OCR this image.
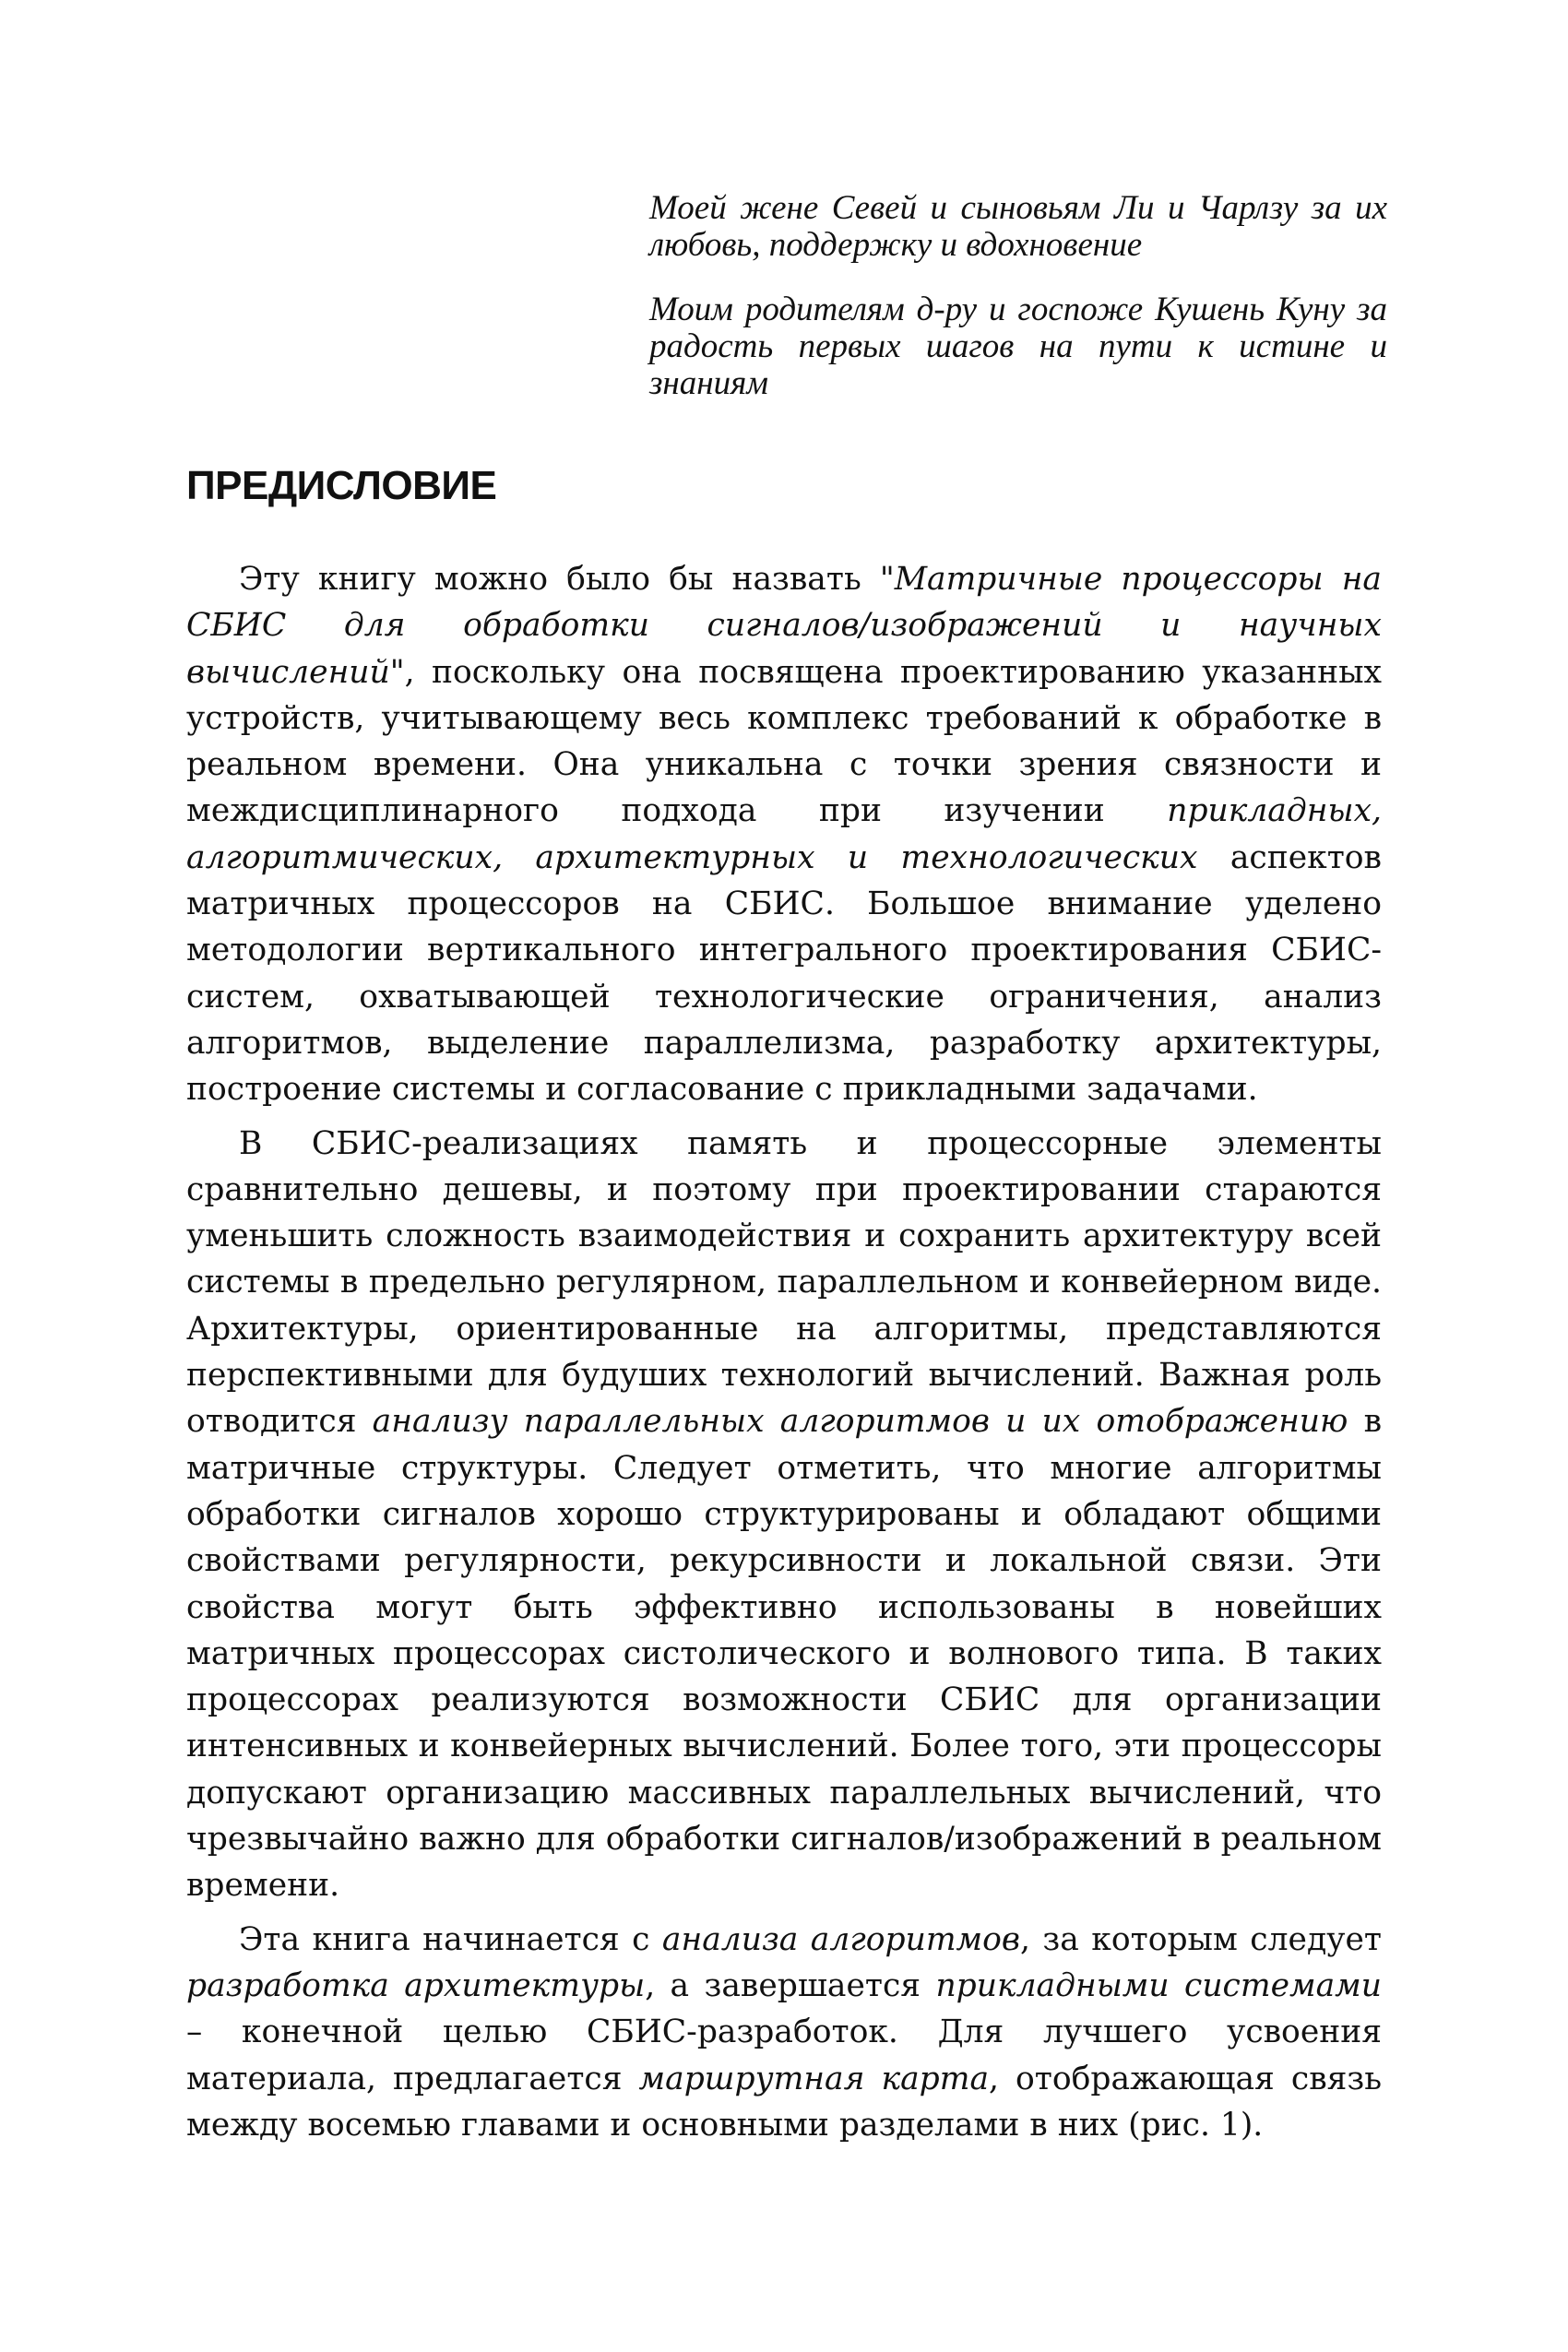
Моей жене Севей и сыновьям Ли и Чарлзу за их любовь, поддержку и вдохновение

Моим родителям д-ру и госпоже Кушень Куну за радость первых шагов на пути к истине и знаниям

ПРЕДИСЛОВИЕ

Эту книгу можно было бы назвать "Матричные процессоры на СБИС для обработки сигналов/изображений и научных вычислений", поскольку она посвящена проектированию указанных устройств, учитывающему весь комплекс требований к обработке в реальном времени. Она уникальна с точки зрения связности и междисциплинарного подхода при изучении прикладных, алгоритмических, архитектурных и технологических аспектов матричных процессоров на СБИС. Большое внимание уделено методологии вертикального интегрального проектирования СБИС-систем, охватывающей технологические ограничения, анализ алгоритмов, выделение параллелизма, разработку архитектуры, построение системы и согласование с прикладными задачами.

В СБИС-реализациях память и процессорные элементы сравнительно дешевы, и поэтому при проектировании стараются уменьшить сложность взаимодействия и сохранить архитектуру всей системы в предельно регулярном, параллельном и конвейерном виде. Архитектуры, ориентированные на алгоритмы, представляются перспективными для будуших технологий вычислений. Важная роль отводится анализу параллельных алгоритмов и их отображению в матричные структуры. Следует отметить, что многие алгоритмы обработки сигналов хорошо структурированы и обладают общими свойствами регулярности, рекурсивности и локальной связи. Эти свойства могут быть эффективно использованы в новейших матричных процессорах систолического и волнового типа. В таких процессорах реализуются возможности СБИС для организации интенсивных и конвейерных вычислений. Более того, эти процессоры допускают организацию массивных параллельных вычислений, что чрезвычайно важно для обработки сигналов/изображений в реальном времени.

Эта книга начинается с анализа алгоритмов, за которым следует разработка архитектуры, а завершается прикладными системами – конечной целью СБИС-разработок. Для лучшего усвоения материала, предлагается маршрутная карта, отображающая связь между восемью главами и основными разделами в них (рис. 1).
